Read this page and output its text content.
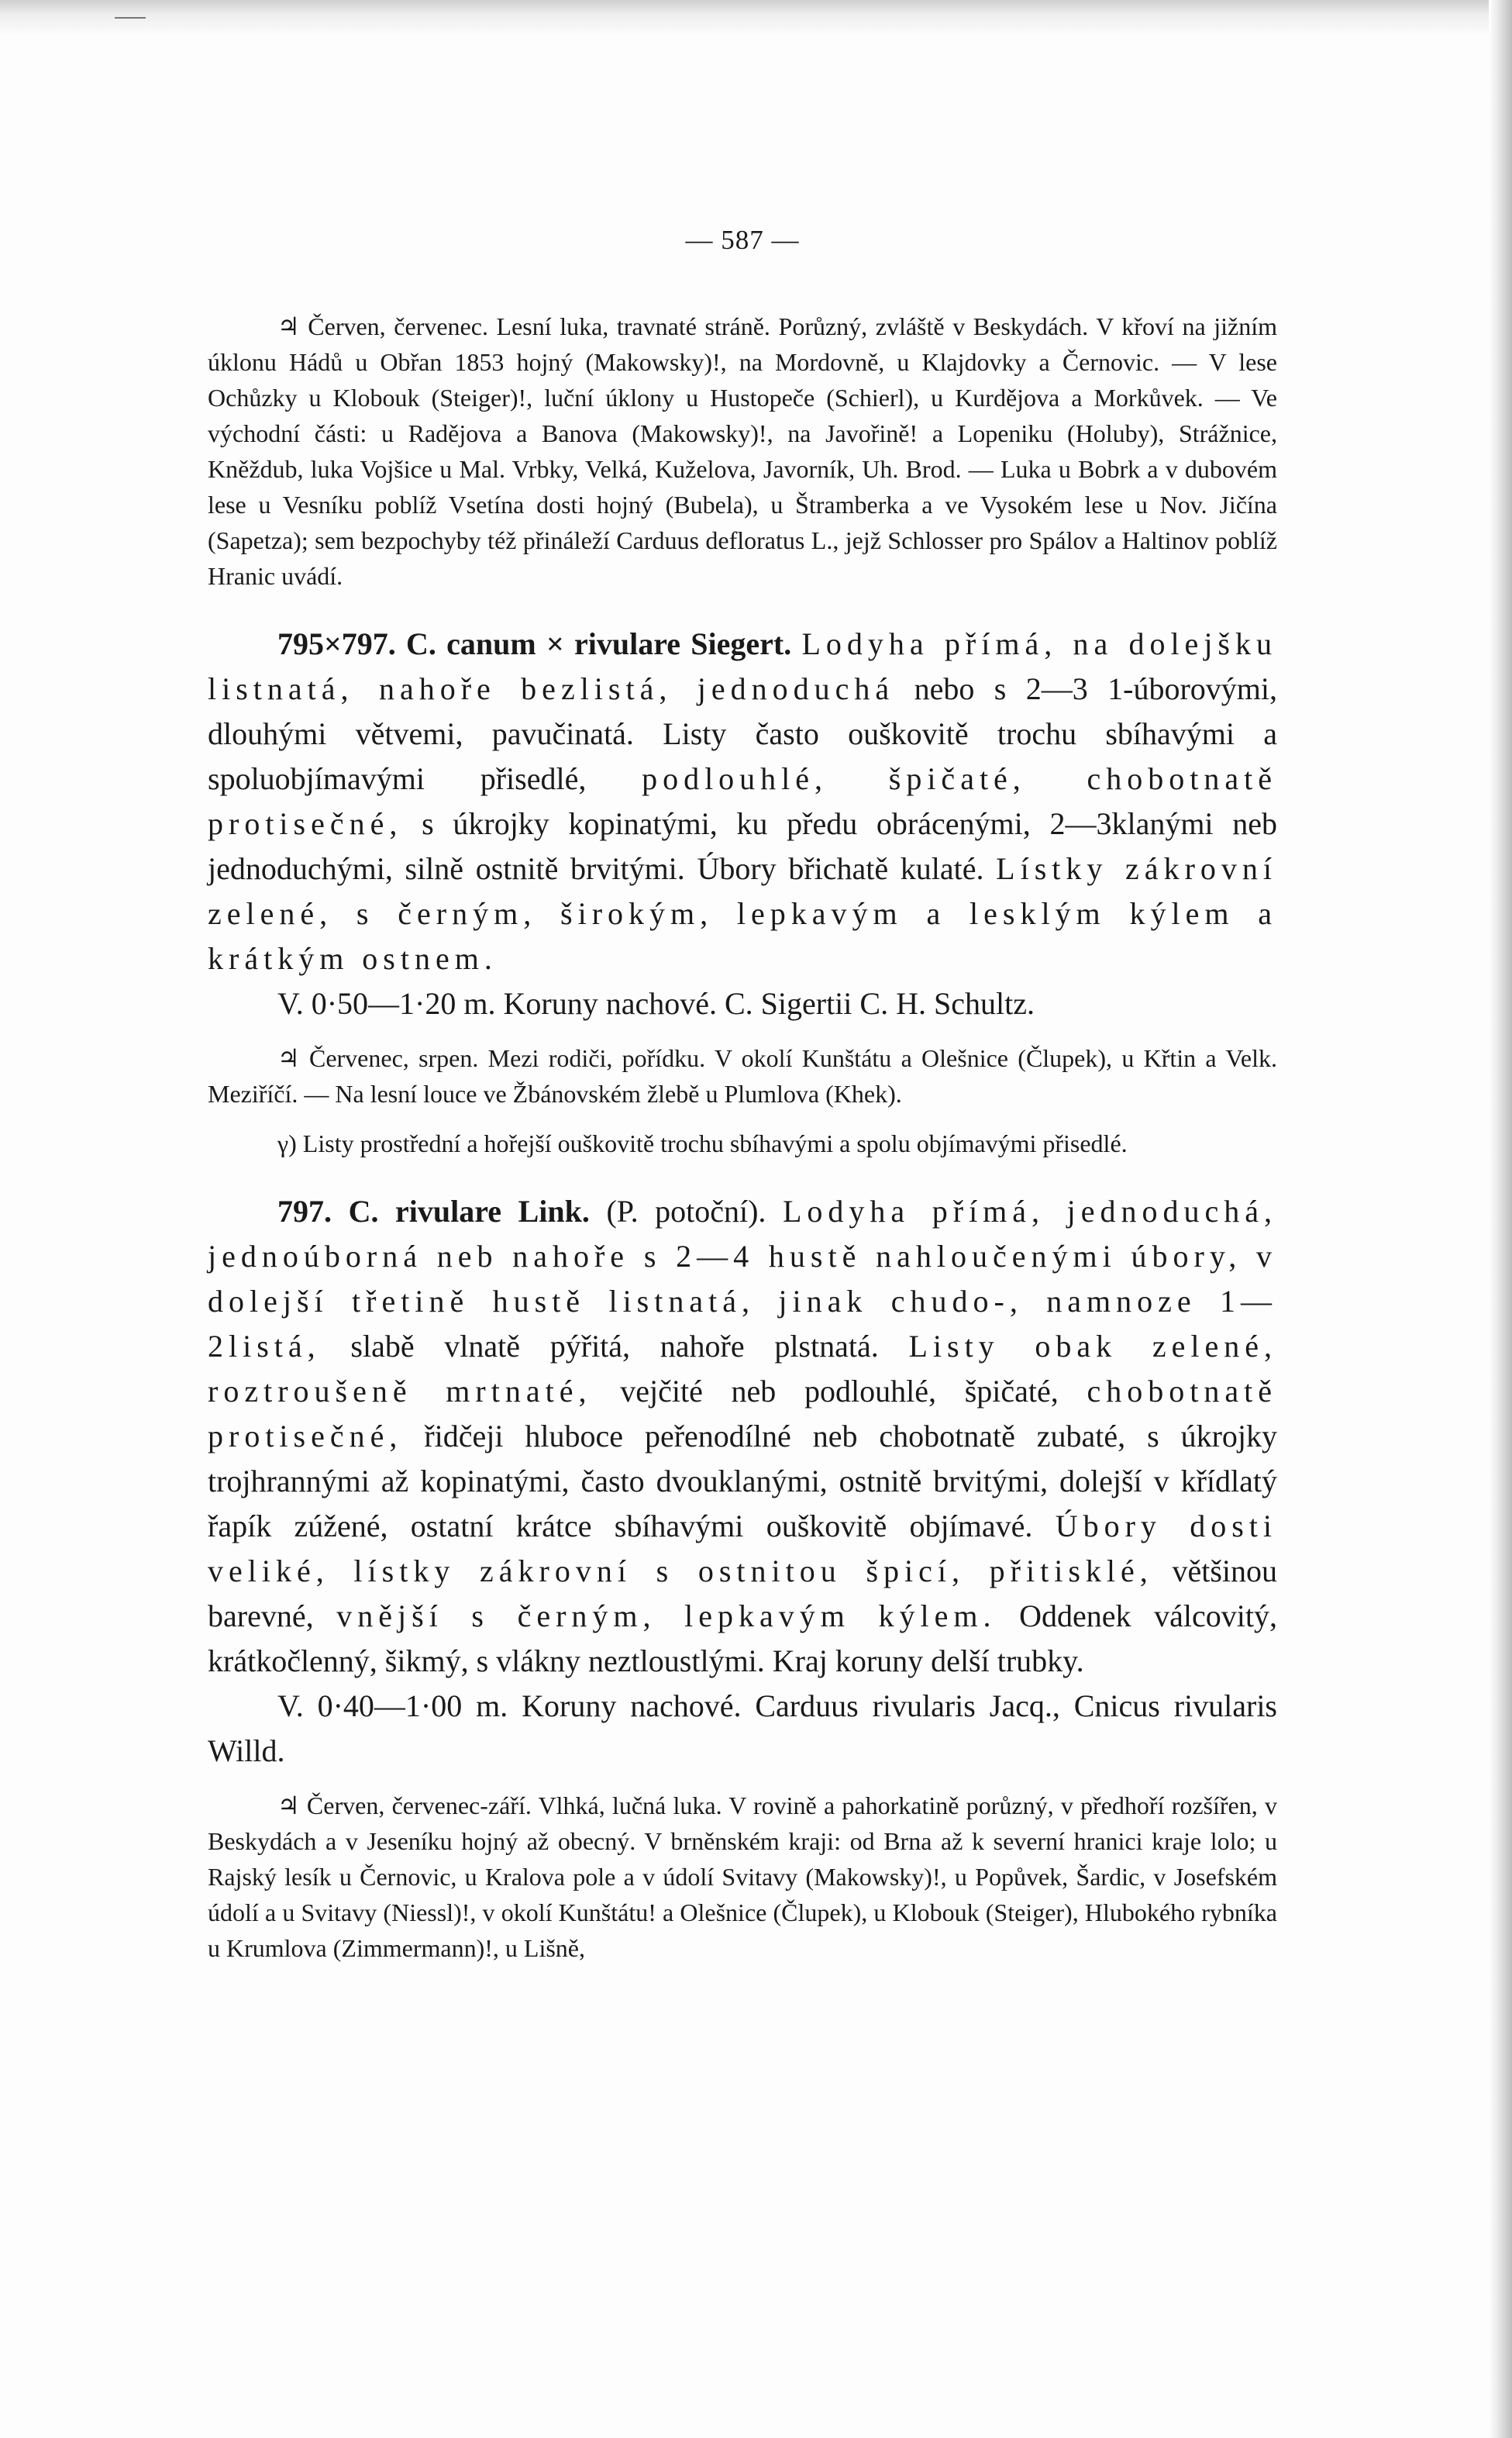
— 587 —

♃ Červen, červenec. Lesní luka, travnaté stráně. Porůzný, zvláště v Beskydách. V křoví na jižním úklonu Hádů u Obřan 1853 hojný (Makowsky)!, na Mordovně, u Klajdovky a Černovic. — V lese Ochůzky u Klobouk (Steiger)!, luční úklony u Hustopeče (Schierl), u Kurdějova a Morkůvek. — Ve východní části: u Radějova a Banova (Makowsky)!, na Javořině! a Lopeniku (Holuby), Strážnice, Kněždub, luka Vojšice u Mal. Vrbky, Velká, Kuželova, Javorník, Uh. Brod. — Luka u Bobrk a v dubovém lese u Vesníku poblíž Vsetína dosti hojný (Bubela), u Štramberka a ve Vysokém lese u Nov. Jičína (Sapetza); sem bezpochyby též přináleží Carduus defloratus L., jejž Schlosser pro Spálov a Haltinov poblíž Hranic uvádí.

795×797. C. canum × rivulare Siegert. Lodyha přímá, na dolejšku listnatá, nahoře bezlistá, jednoduchá nebo s 2—3 1-úborovými, dlouhými větvemi, pavučinatá. Listy často ouškovitě trochu sbíhavými a spoluobjímavými přisedlé, podlouhlé, špičaté, chobotnatě protisečné, s úkrojky kopinatými, ku předu obrácenými, 2—3klanými neb jednoduchými, silně ostnitě brvitými. Úbory břichatě kulaté. Lístky zákrovní zelené, s černým, širokým, lepkavým a lesklým kýlem a krátkým ostnem.

V. 0·50—1·20 m. Koruny nachové. C. Sigertii C. H. Schultz.

♃ Červenec, srpen. Mezi rodiči, pořídku. V okolí Kunštátu a Olešnice (Člupek), u Křtin a Velk. Meziříčí. — Na lesní louce ve Žbánovském žlebě u Plumlova (Khek).

γ) Listy prostřední a hořejší ouškovitě trochu sbíhavými a spolu objímavými přisedlé.

797. C. rivulare Link. (P. potoční). Lodyha přímá, jednoduchá, jednoúborná neb nahoře s 2—4 hustě nahloučenými úbory, v dolejší třetině hustě listnatá, jinak chudo-, namnoze 1—2listá, slabě vlnatě pýřitá, nahoře plstnatá. Listy obak zelené, roztroušeně mrtnaté, vejčité neb podlouhlé, špičaté, chobotnatě protisečné, řidčeji hluboce peřenodílné neb chobotnatě zubaté, s úkrojky trojhrannými až kopinatými, často dvouklanými, ostnitě brvitými, dolejší v křídlatý řapík zúžené, ostatní krátce sbíhavými ouškovitě objímavé. Úbory dosti veliké, lístky zákrovní s ostnitou špicí, přitisklé, většinou barevné, vnější s černým, lepkavým kýlem. Oddenek válcovitý, krátkočlenný, šikmý, s vlákny neztloustlými. Kraj koruny delší trubky.

V. 0·40—1·00 m. Koruny nachové. Carduus rivularis Jacq., Cnicus rivularis Willd.

♃ Červen, červenec-září. Vlhká, lučná luka. V rovině a pahorkatině porůzný, v předhoří rozšířen, v Beskydách a v Jeseníku hojný až obecný. V brněnském kraji: od Brna až k severní hranici kraje lolo; u Rajský lesík u Černovic, u Kralova pole a v údolí Svitavy (Makowsky)!, u Popůvek, Šardic, v Josefském údolí a u Svitavy (Niessl)!, v okolí Kunštátu! a Olešnice (Člupek), u Klobouk (Steiger), Hlubokého rybníka u Krumlova (Zimmermann)!, u Lišně,
